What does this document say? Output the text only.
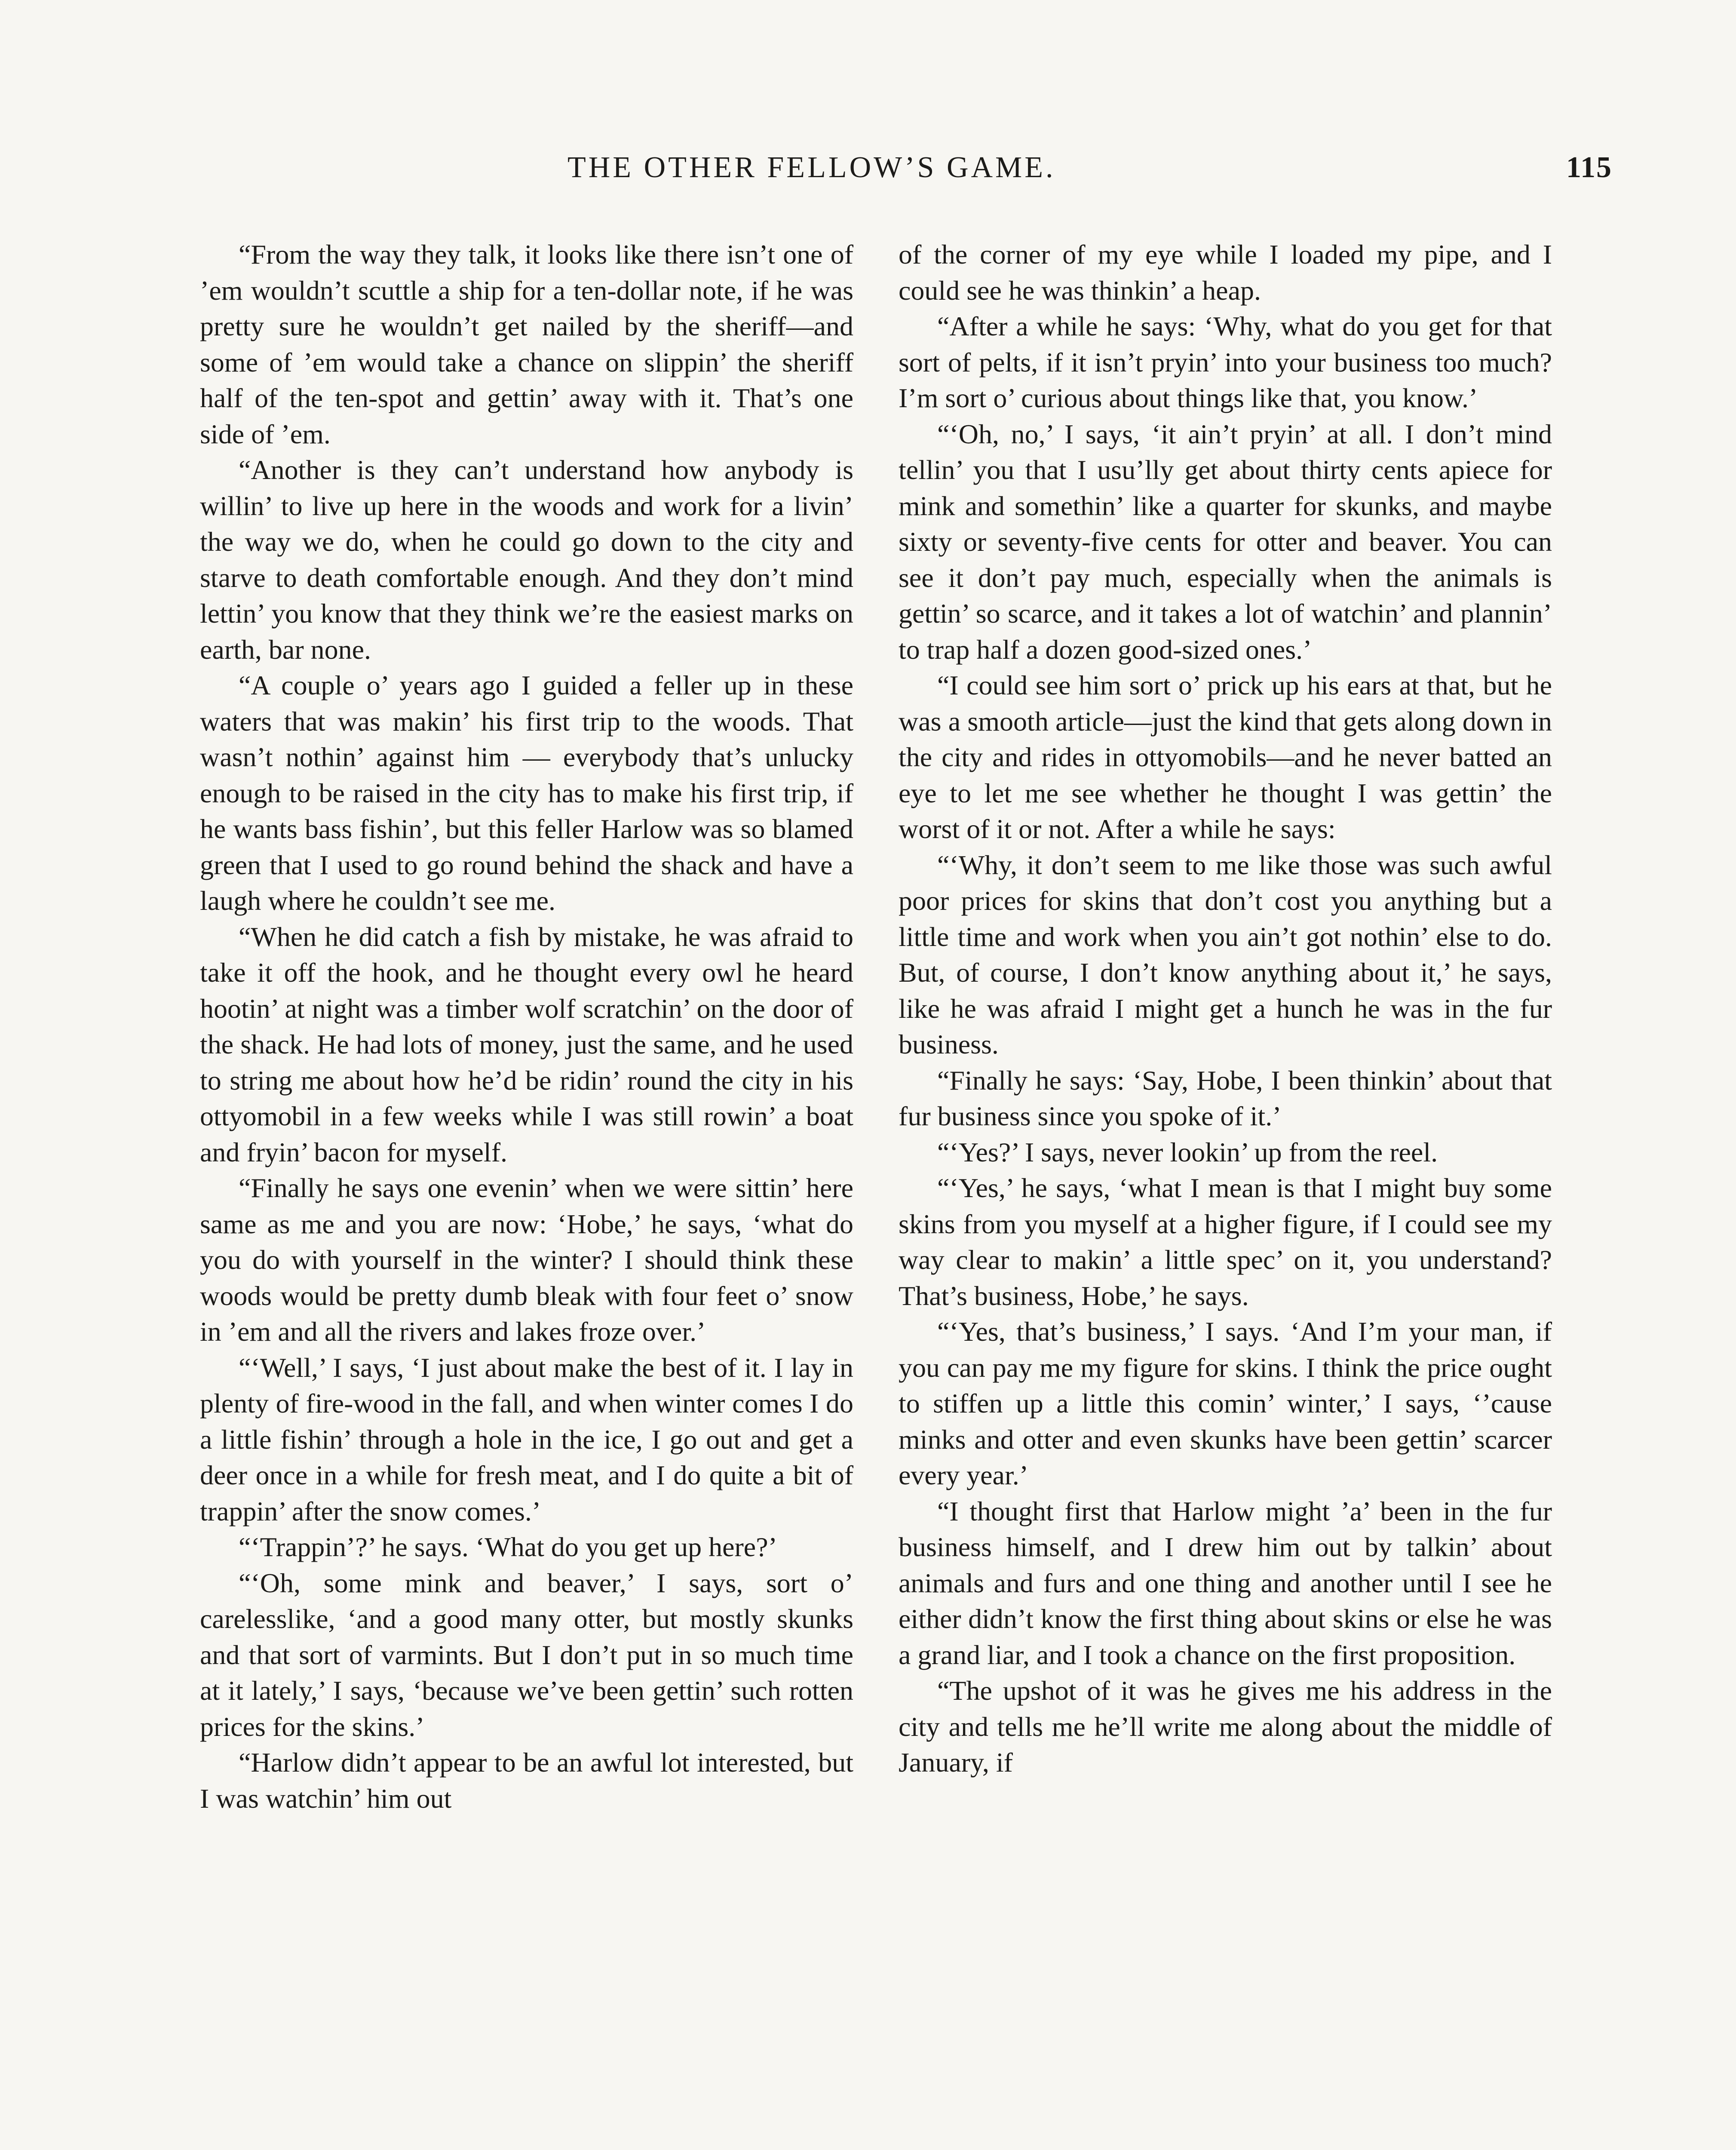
THE OTHER FELLOW’S GAME.	115

“From the way they talk, it looks like there isn’t one of ’em wouldn’t scuttle a ship for a ten-dollar note, if he was pretty sure he wouldn’t get nailed by the sheriff—and some of ’em would take a chance on slippin’ the sheriff half of the ten-spot and gettin’ away with it. That’s one side of ’em.

“Another is they can’t understand how anybody is willin’ to live up here in the woods and work for a livin’ the way we do, when he could go down to the city and starve to death comfortable enough. And they don’t mind lettin’ you know that they think we’re the easiest marks on earth, bar none.

“A couple o’ years ago I guided a feller up in these waters that was makin’ his first trip to the woods. That wasn’t nothin’ against him — everybody that’s unlucky enough to be raised in the city has to make his first trip, if he wants bass fishin’, but this feller Harlow was so blamed green that I used to go round behind the shack and have a laugh where he couldn’t see me.

“When he did catch a fish by mistake, he was afraid to take it off the hook, and he thought every owl he heard hootin’ at night was a timber wolf scratchin’ on the door of the shack. He had lots of money, just the same, and he used to string me about how he’d be ridin’ round the city in his ottyomobil in a few weeks while I was still rowin’ a boat and fryin’ bacon for myself.

“Finally he says one evenin’ when we were sittin’ here same as me and you are now: ‘Hobe,’ he says, ‘what do you do with yourself in the winter? I should think these woods would be pretty dumb bleak with four feet o’ snow in ’em and all the rivers and lakes froze over.’

“‘Well,’ I says, ‘I just about make the best of it. I lay in plenty of fire-wood in the fall, and when winter comes I do a little fishin’ through a hole in the ice, I go out and get a deer once in a while for fresh meat, and I do quite a bit of trappin’ after the snow comes.’

“‘Trappin’?’ he says. ‘What do you get up here?’

“‘Oh, some mink and beaver,’ I says, sort o’ carelesslike, ‘and a good many otter, but mostly skunks and that sort of varmints. But I don’t put in so much time at it lately,’ I says, ‘because we’ve been gettin’ such rotten prices for the skins.’

“Harlow didn’t appear to be an awful lot interested, but I was watchin’ him out

of the corner of my eye while I loaded my pipe, and I could see he was thinkin’ a heap.

“After a while he says: ‘Why, what do you get for that sort of pelts, if it isn’t pryin’ into your business too much? I’m sort o’ curious about things like that, you know.’

“‘Oh, no,’ I says, ‘it ain’t pryin’ at all. I don’t mind tellin’ you that I usu’lly get about thirty cents apiece for mink and somethin’ like a quarter for skunks, and maybe sixty or seventy-five cents for otter and beaver. You can see it don’t pay much, especially when the animals is gettin’ so scarce, and it takes a lot of watchin’ and plannin’ to trap half a dozen good-sized ones.’

“I could see him sort o’ prick up his ears at that, but he was a smooth article—just the kind that gets along down in the city and rides in ottyomobils—and he never batted an eye to let me see whether he thought I was gettin’ the worst of it or not. After a while he says:

“‘Why, it don’t seem to me like those was such awful poor prices for skins that don’t cost you anything but a little time and work when you ain’t got nothin’ else to do. But, of course, I don’t know anything about it,’ he says, like he was afraid I might get a hunch he was in the fur business.

“Finally he says: ‘Say, Hobe, I been thinkin’ about that fur business since you spoke of it.’

“‘Yes?’ I says, never lookin’ up from the reel.

“‘Yes,’ he says, ‘what I mean is that I might buy some skins from you myself at a higher figure, if I could see my way clear to makin’ a little spec’ on it, you understand? That’s business, Hobe,’ he says.

“‘Yes, that’s business,’ I says. ‘And I’m your man, if you can pay me my figure for skins. I think the price ought to stiffen up a little this comin’ winter,’ I says, ‘’cause minks and otter and even skunks have been gettin’ scarcer every year.’

“I thought first that Harlow might ’a’ been in the fur business himself, and I drew him out by talkin’ about animals and furs and one thing and another until I see he either didn’t know the first thing about skins or else he was a grand liar, and I took a chance on the first proposition.

“The upshot of it was he gives me his address in the city and tells me he’ll write me along about the middle of January, if
